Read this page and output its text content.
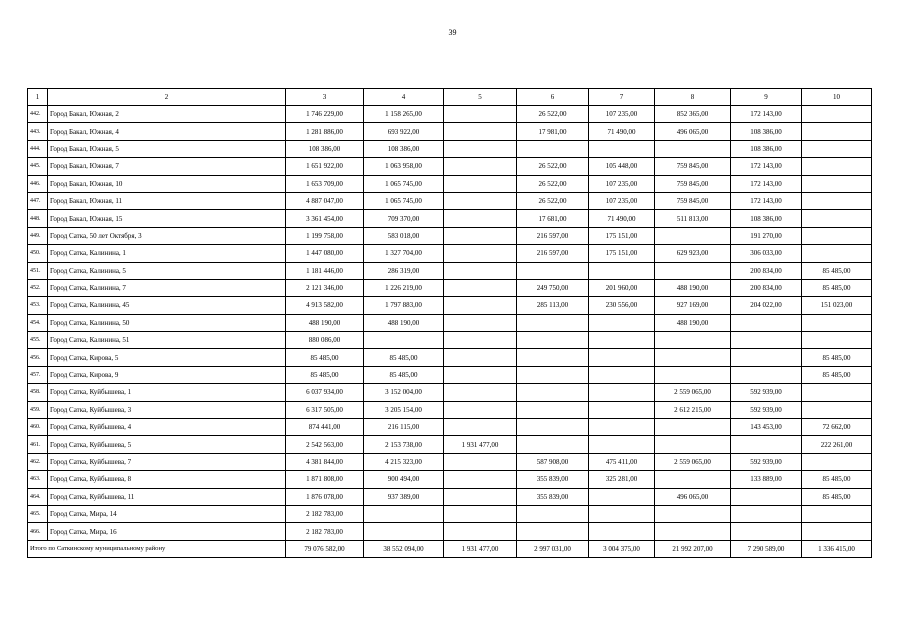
39
1	2	3	4	5	6	7	8	9	10
442.	Город Бакал, Южная, 2	1 746 229,00	1 158 265,00		26 522,00	107 235,00	852 365,00	172 143,00	
443.	Город Бакал, Южная, 4	1 281 886,00	693 922,00		17 981,00	71 490,00	496 065,00	108 386,00	
444.	Город Бакал, Южная, 5	108 386,00	108 386,00					108 386,00	
445.	Город Бакал, Южная, 7	1 651 922,00	1 063 958,00		26 522,00	105 448,00	759 845,00	172 143,00	
446.	Город Бакал, Южная, 10	1 653 709,00	1 065 745,00		26 522,00	107 235,00	759 845,00	172 143,00	
447.	Город Бакал, Южная, 11	4 887 047,00	1 065 745,00		26 522,00	107 235,00	759 845,00	172 143,00	
448.	Город Бакал, Южная, 15	3 361 454,00	709 370,00		17 681,00	71 490,00	511 813,00	108 386,00	
449.	Город Сатка, 50 лет Октября, 3	1 199 758,00	583 018,00		216 597,00	175 151,00		191 270,00	
450.	Город Сатка, Калинина, 1	1 447 080,00	1 327 704,00		216 597,00	175 151,00	629 923,00	306 033,00	
451.	Город Сатка, Калинина, 5	1 181 446,00	286 319,00					200 834,00	85 485,00
452.	Город Сатка, Калинина, 7	2 121 346,00	1 226 219,00		249 750,00	201 960,00	488 190,00	200 834,00	85 485,00
453.	Город Сатка, Калинина, 45	4 913 582,00	1 797 883,00		285 113,00	230 556,00	927 169,00	204 022,00	151 023,00
454.	Город Сатка, Калинина, 50	488 190,00	488 190,00				488 190,00		
455.	Город Сатка, Калинина, 51	880 086,00							
456.	Город Сатка, Кирова, 5	85 485,00	85 485,00						85 485,00
457.	Город Сатка, Кирова, 9	85 485,00	85 485,00						85 485,00
458.	Город Сатка, Куйбышева, 1	6 037 934,00	3 152 004,00				2 559 065,00	592 939,00	
459.	Город Сатка, Куйбышева, 3	6 317 505,00	3 205 154,00				2 612 215,00	592 939,00	
460.	Город Сатка, Куйбышева, 4	874 441,00	216 115,00					143 453,00	72 662,00
461.	Город Сатка, Куйбышева, 5	2 542 563,00	2 153 738,00	1 931 477,00					222 261,00
462.	Город Сатка, Куйбышева, 7	4 381 844,00	4 215 323,00		587 908,00	475 411,00	2 559 065,00	592 939,00	
463.	Город Сатка, Куйбышева, 8	1 871 808,00	900 494,00		355 839,00	325 281,00		133 889,00	85 485,00
464.	Город Сатка, Куйбышева, 11	1 876 078,00	937 389,00		355 839,00		496 065,00		85 485,00
465.	Город Сатка, Мира, 14	2 182 783,00							
466.	Город Сатка, Мира, 16	2 182 783,00							
Итого по Саткинскому муниципальному району		79 076 582,00	38 552 094,00	1 931 477,00	2 997 031,00	3 004 375,00	21 992 207,00	7 290 589,00	1 336 415,00
